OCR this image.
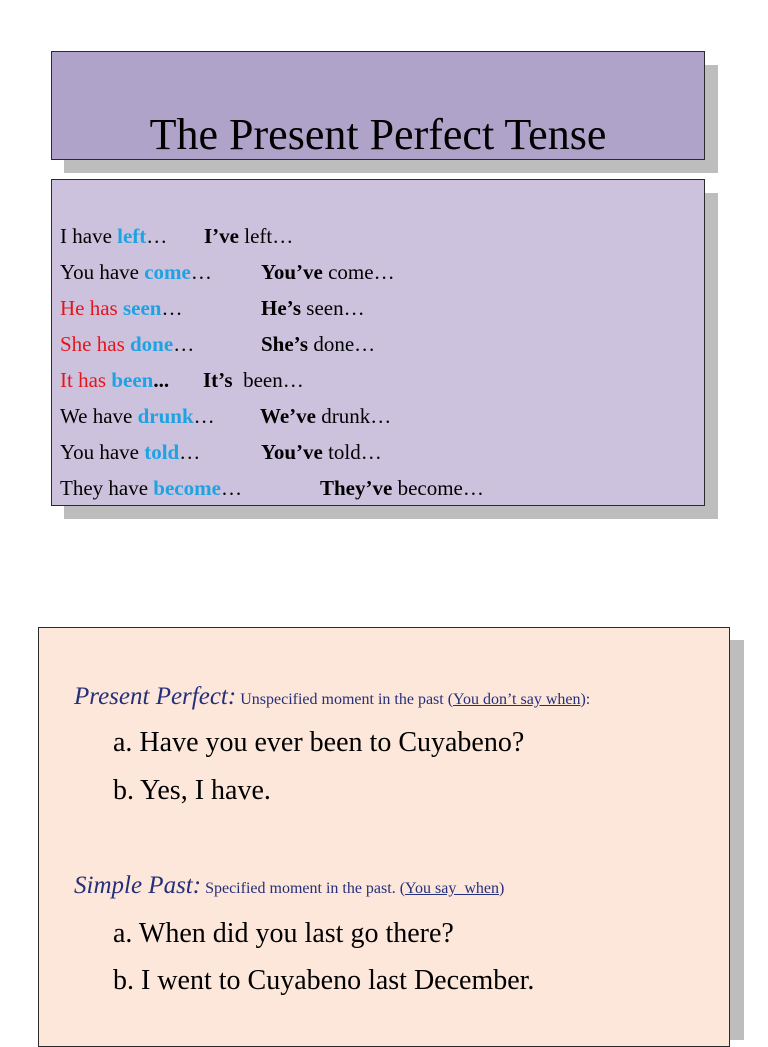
The Present Perfect Tense
I have left… I’ve left…
You have come… You’ve come…
He has seen…	He’s seen…
She has done…	She’s done…
It has been... It’s  been…
We have drunk… We’ve drunk…
You have told…	You’ve told…
They have become…	They’ve become…
Present Perfect: Unspecified moment in the past (You don’t say when):
a. Have you ever been to Cuyabeno?
b. Yes, I have.
Simple Past: Specified moment in the past. (You say  when)
a. When did you last go there?
b. I went to Cuyabeno last December.
